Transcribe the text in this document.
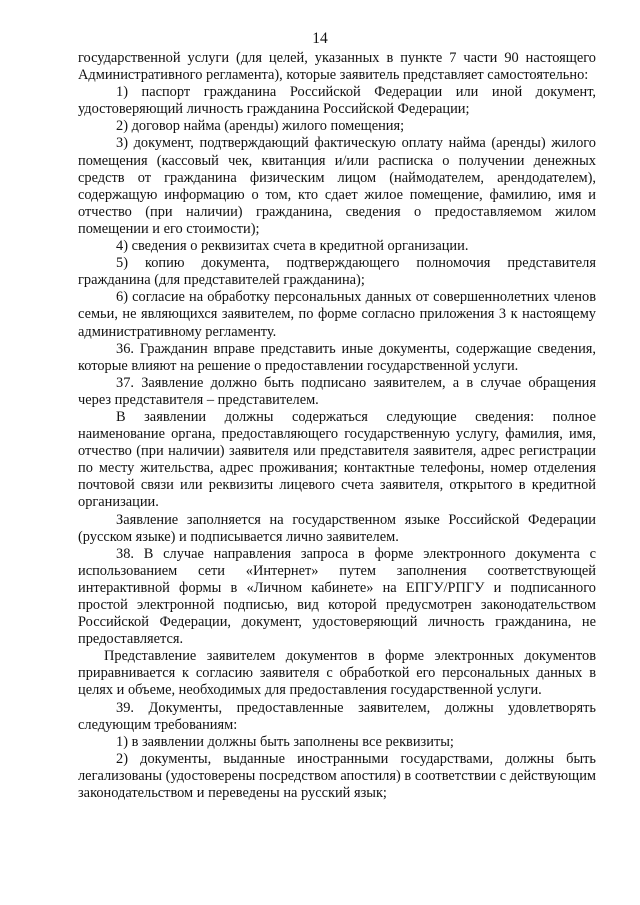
14

государственной услуги (для целей, указанных в пункте 7 части 90 настоящего Административного регламента), которые заявитель представляет самостоятельно:

1) паспорт гражданина Российской Федерации или иной документ, удостоверяющий личность гражданина Российской Федерации;

2) договор найма (аренды) жилого помещения;

3) документ, подтверждающий фактическую оплату найма (аренды) жилого помещения (кассовый чек, квитанция и/или расписка о получении денежных средств от гражданина физическим лицом (наймодателем, арендодателем), содержащую информацию о том, кто сдает жилое помещение, фамилию, имя и отчество (при наличии) гражданина, сведения о предоставляемом жилом помещении и его стоимости);

4) сведения о реквизитах счета в кредитной организации.

5) копию документа, подтверждающего полномочия представителя гражданина (для представителей гражданина);

6) согласие на обработку персональных данных от совершеннолетних членов семьи, не являющихся заявителем, по форме согласно приложения 3 к настоящему административному регламенту.

36. Гражданин вправе представить иные документы, содержащие сведения, которые влияют на решение о предоставлении государственной услуги.

37. Заявление должно быть подписано заявителем, а в случае обращения через представителя – представителем.

В заявлении должны содержаться следующие сведения: полное наименование органа, предоставляющего государственную услугу, фамилия, имя, отчество (при наличии) заявителя или представителя заявителя, адрес регистрации по месту жительства, адрес проживания; контактные телефоны, номер отделения почтовой связи или реквизиты лицевого счета заявителя, открытого в кредитной организации.

Заявление заполняется на государственном языке Российской Федерации (русском языке) и подписывается лично заявителем.

38. В случае направления запроса в форме электронного документа с использованием сети «Интернет» путем заполнения соответствующей интерактивной формы в «Личном кабинете» на ЕПГУ/РПГУ и подписанного простой электронной подписью, вид которой предусмотрен законодательством Российской Федерации, документ, удостоверяющий личность гражданина, не предоставляется.

Представление заявителем документов в форме электронных документов приравнивается к согласию заявителя с обработкой его персональных данных в целях и объеме, необходимых для предоставления государственной услуги.

39. Документы, предоставленные заявителем, должны удовлетворять следующим требованиям:

1) в заявлении должны быть заполнены все реквизиты;

2) документы, выданные иностранными государствами, должны быть легализованы (удостоверены посредством апостиля) в соответствии с действующим законодательством и переведены на русский язык;
